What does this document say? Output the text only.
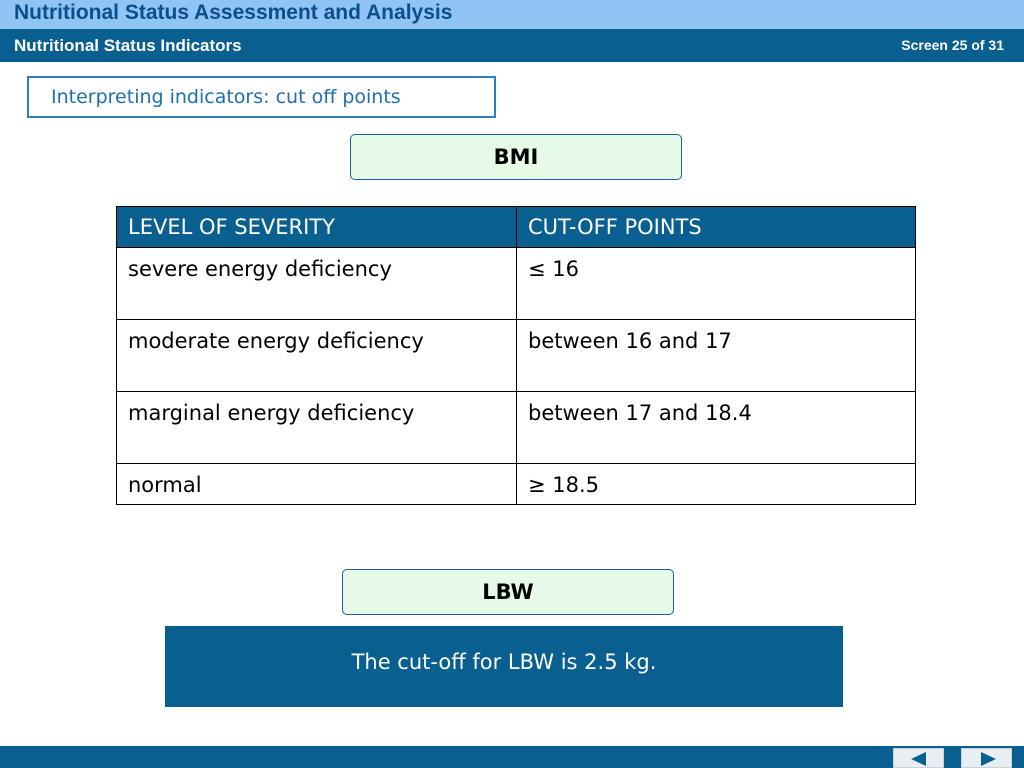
Nutritional Status Assessment and Analysis
Nutritional Status Indicators	Screen 25 of 31
Interpreting indicators: cut off points
BMI
LEVEL OF SEVERITY	CUT-OFF POINTS
severe energy deficiency	≤ 16
moderate energy deficiency	between 16 and 17
marginal energy deficiency	between 17 and 18.4
normal	≥ 18.5
LBW
The cut-off for LBW is 2.5 kg.
